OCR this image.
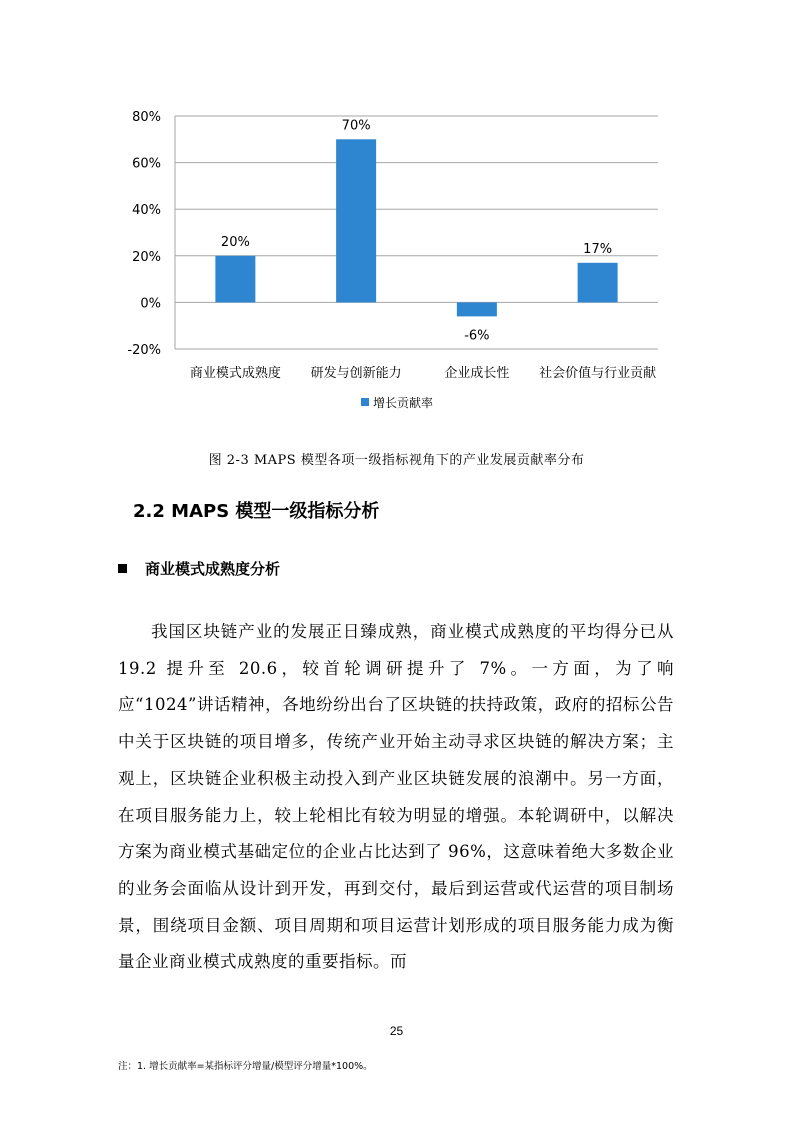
80%
60%
40%
20%
0%
-20%
20%
商业模式成熟度
70%
研发与创新能力
-6%
企业成长性
17%
社会价值与行业贡献
增长贡献率
图 2-3 MAPS 模型各项一级指标视角下的产业发展贡献率分布
2.2 MAPS 模型一级指标分析
商业模式成熟度分析
我国区块链产业的发展正日臻成熟，商业模式成熟度的平均得分已从 19.2 提升至 20.6，较首轮调研提升了 7%。一方面，为了响应“1024”讲话精神，各地纷纷出台了区块链的扶持政策，政府的招标公告中关于区块链的项目增多，传统产业开始主动寻求区块链的解决方案；主观上，区块链企业积极主动投入到产业区块链发展的浪潮中。另一方面，在项目服务能力上，较上轮相比有较为明显的增强。本轮调研中，以解决方案为商业模式基础定位的企业占比达到了 96%，这意味着绝大多数企业的业务会面临从设计到开发，再到交付，最后到运营或代运营的项目制场景，围绕项目金额、项目周期和项目运营计划形成的项目服务能力成为衡量企业商业模式成熟度的重要指标。而
25
注：1. 增长贡献率=某指标评分增量/模型评分增量*100%。
